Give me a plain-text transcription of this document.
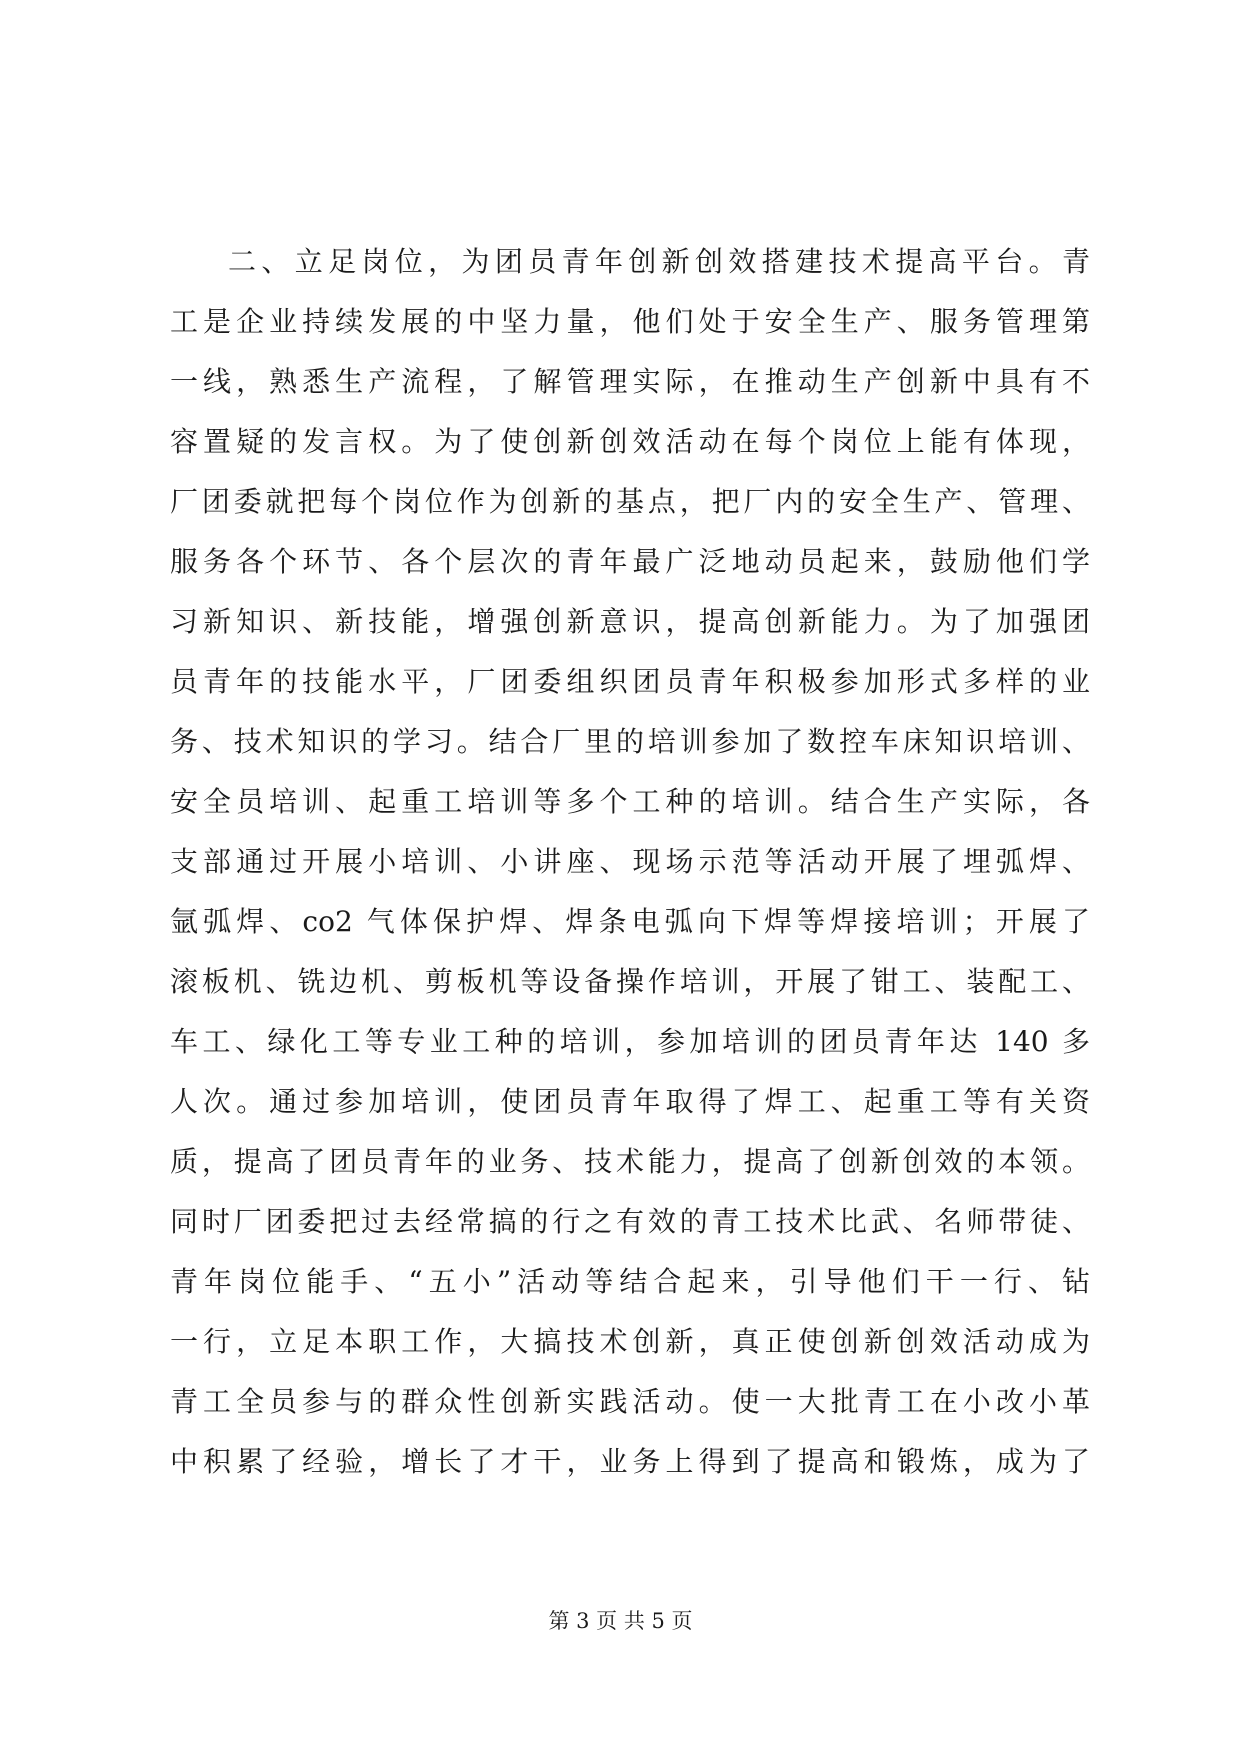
二、立足岗位，为团员青年创新创效搭建技术提高平台。青
工是企业持续发展的中坚力量，他们处于安全生产、服务管理第
一线，熟悉生产流程，了解管理实际，在推动生产创新中具有不
容置疑的发言权。为了使创新创效活动在每个岗位上能有体现，
厂团委就把每个岗位作为创新的基点，把厂内的安全生产、管理、
服务各个环节、各个层次的青年最广泛地动员起来，鼓励他们学
习新知识、新技能，增强创新意识，提高创新能力。为了加强团
员青年的技能水平，厂团委组织团员青年积极参加形式多样的业
务、技术知识的学习。结合厂里的培训参加了数控车床知识培训、
安全员培训、起重工培训等多个工种的培训。结合生产实际，各
支部通过开展小培训、小讲座、现场示范等活动开展了埋弧焊、
氩弧焊、co2 气体保护焊、焊条电弧向下焊等焊接培训；开展了
滚板机、铣边机、剪板机等设备操作培训，开展了钳工、装配工、
车工、绿化工等专业工种的培训，参加培训的团员青年达 140 多
人次。通过参加培训，使团员青年取得了焊工、起重工等有关资
质，提高了团员青年的业务、技术能力，提高了创新创效的本领。
同时厂团委把过去经常搞的行之有效的青工技术比武、名师带徒、
青年岗位能手、“五小”活动等结合起来，引导他们干一行、钻
一行，立足本职工作，大搞技术创新，真正使创新创效活动成为
青工全员参与的群众性创新实践活动。使一大批青工在小改小革
中积累了经验，增长了才干，业务上得到了提高和锻炼，成为了
第 3 页 共 5 页
